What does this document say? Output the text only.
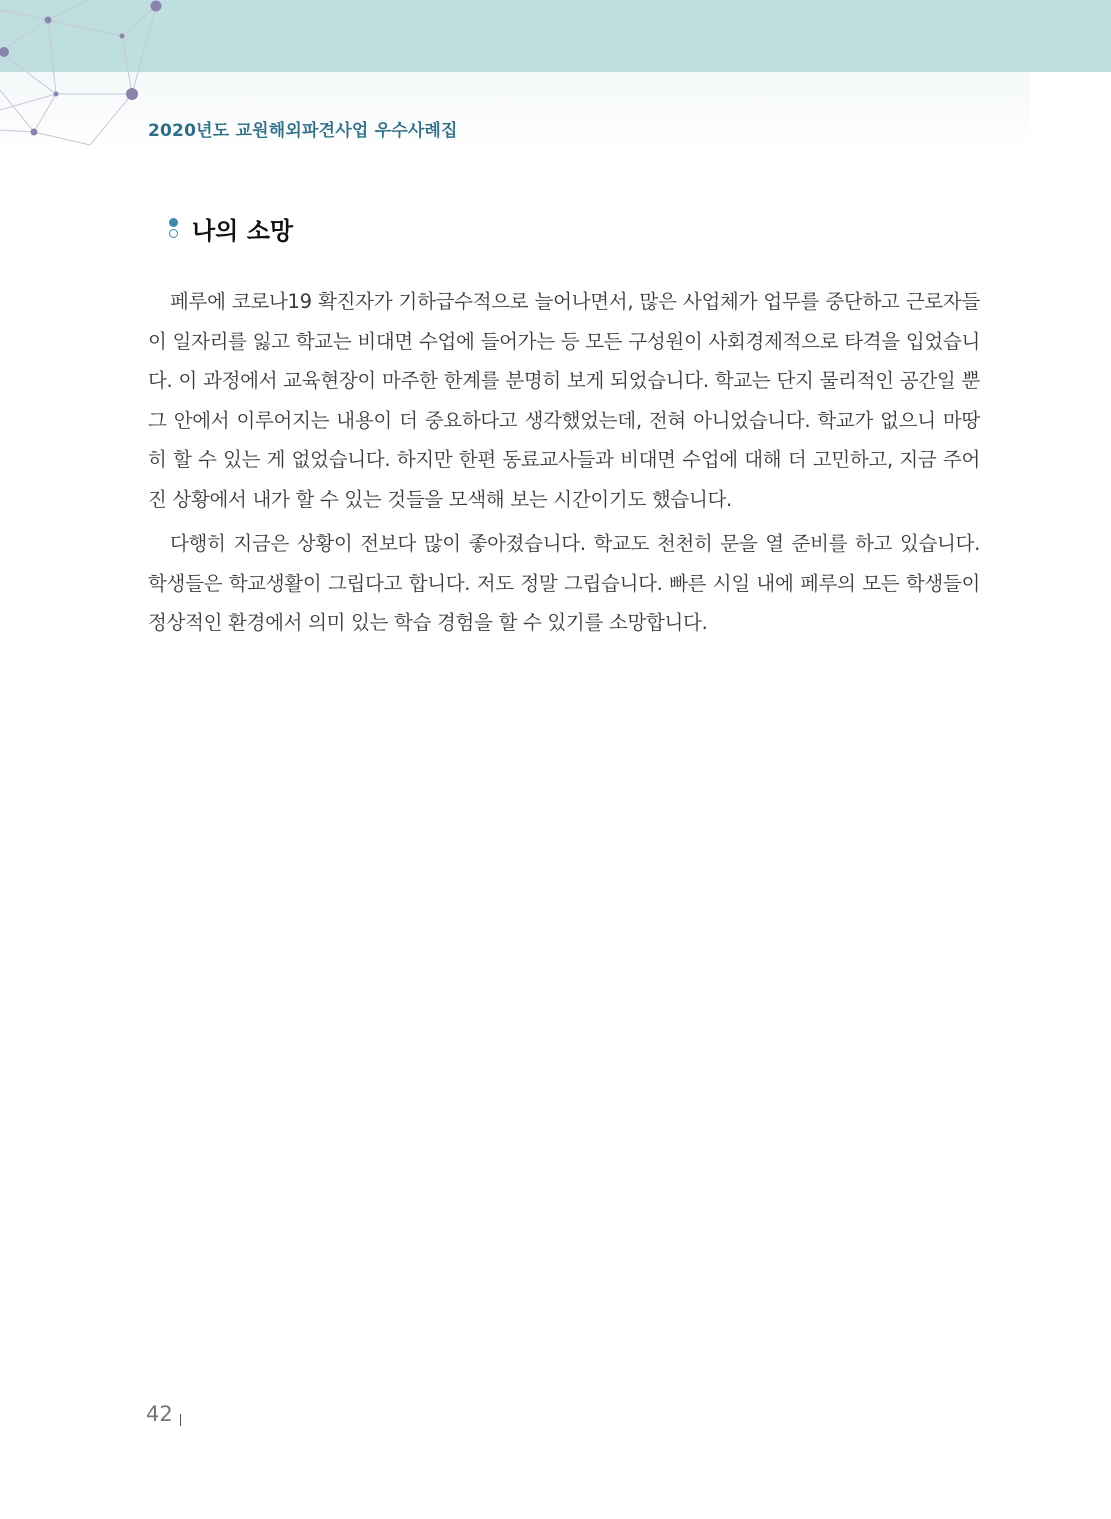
2020년도 교원해외파견사업 우수사례집
나의 소망

페루에 코로나19 확진자가 기하급수적으로 늘어나면서, 많은 사업체가 업무를 중단하고 근로자들이 일자리를 잃고 학교는 비대면 수업에 들어가는 등 모든 구성원이 사회경제적으로 타격을 입었습니다. 이 과정에서 교육현장이 마주한 한계를 분명히 보게 되었습니다. 학교는 단지 물리적인 공간일 뿐 그 안에서 이루어지는 내용이 더 중요하다고 생각했었는데, 전혀 아니었습니다. 학교가 없으니 마땅히 할 수 있는 게 없었습니다. 하지만 한편 동료교사들과 비대면 수업에 대해 더 고민하고, 지금 주어진 상황에서 내가 할 수 있는 것들을 모색해 보는 시간이기도 했습니다.

다행히 지금은 상황이 전보다 많이 좋아졌습니다. 학교도 천천히 문을 열 준비를 하고 있습니다. 학생들은 학교생활이 그립다고 합니다. 저도 정말 그립습니다. 빠른 시일 내에 페루의 모든 학생들이 정상적인 환경에서 의미 있는 학습 경험을 할 수 있기를 소망합니다.

42
